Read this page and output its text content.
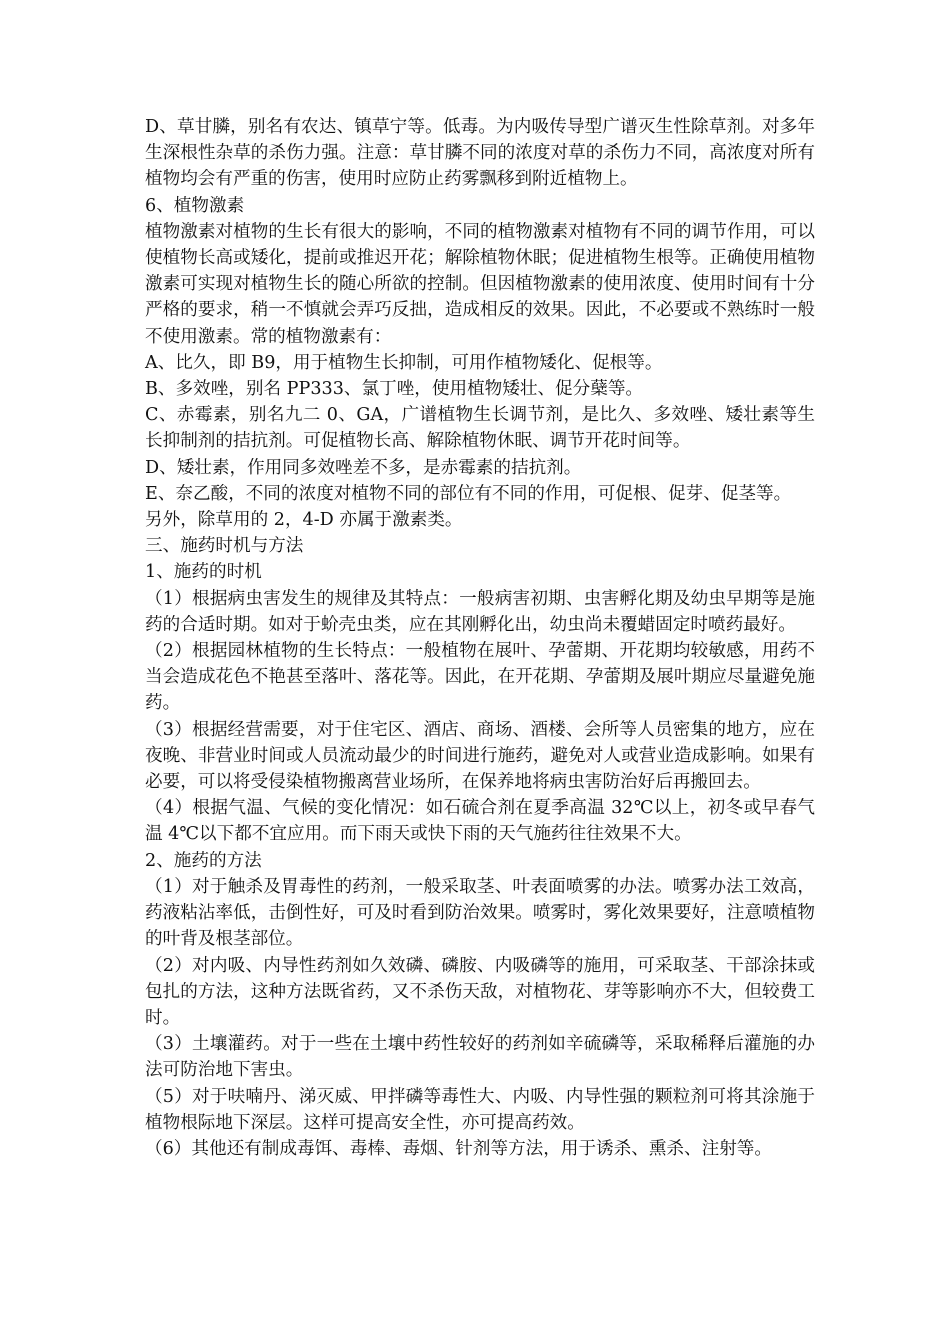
D、草甘膦，别名有农达、镇草宁等。低毒。为内吸传导型广谱灭生性除草剂。对多年生深根性杂草的杀伤力强。注意：草甘膦不同的浓度对草的杀伤力不同，高浓度对所有植物均会有严重的伤害，使用时应防止药雾飘移到附近植物上。

6、植物激素

植物激素对植物的生长有很大的影响，不同的植物激素对植物有不同的调节作用，可以使植物长高或矮化，提前或推迟开花；解除植物休眠；促进植物生根等。正确使用植物激素可实现对植物生长的随心所欲的控制。但因植物激素的使用浓度、使用时间有十分严格的要求，稍一不慎就会弄巧反拙，造成相反的效果。因此，不必要或不熟练时一般不使用激素。常的植物激素有：

A、比久，即 B9，用于植物生长抑制，可用作植物矮化、促根等。

B、多效唑，别名 PP333、氯丁唑，使用植物矮壮、促分蘖等。

C、赤霉素，别名九二 0、GA，广谱植物生长调节剂，是比久、多效唑、矮壮素等生长抑制剂的拮抗剂。可促植物长高、解除植物休眠、调节开花时间等。

D、矮壮素，作用同多效唑差不多，是赤霉素的拮抗剂。

E、奈乙酸，不同的浓度对植物不同的部位有不同的作用，可促根、促芽、促茎等。

另外，除草用的 2，4-D 亦属于激素类。

三、施药时机与方法

1、施药的时机

（1）根据病虫害发生的规律及其特点：一般病害初期、虫害孵化期及幼虫早期等是施药的合适时期。如对于蚧壳虫类，应在其刚孵化出，幼虫尚未覆蜡固定时喷药最好。

（2）根据园林植物的生长特点：一般植物在展叶、孕蕾期、开花期均较敏感，用药不当会造成花色不艳甚至落叶、落花等。因此，在开花期、孕蕾期及展叶期应尽量避免施药。

（3）根据经营需要，对于住宅区、酒店、商场、酒楼、会所等人员密集的地方，应在夜晚、非营业时间或人员流动最少的时间进行施药，避免对人或营业造成影响。如果有必要，可以将受侵染植物搬离营业场所，在保养地将病虫害防治好后再搬回去。

（4）根据气温、气候的变化情况：如石硫合剂在夏季高温 32℃以上，初冬或早春气温 4℃以下都不宜应用。而下雨天或快下雨的天气施药往往效果不大。

2、施药的方法

（1）对于触杀及胃毒性的药剂，一般采取茎、叶表面喷雾的办法。喷雾办法工效高，药液粘沾率低，击倒性好，可及时看到防治效果。喷雾时，雾化效果要好，注意喷植物的叶背及根茎部位。

（2）对内吸、内导性药剂如久效磷、磷胺、内吸磷等的施用，可采取茎、干部涂抹或包扎的方法，这种方法既省药，又不杀伤天敌，对植物花、芽等影响亦不大，但较费工时。

（3）土壤灌药。对于一些在土壤中药性较好的药剂如辛硫磷等，采取稀释后灌施的办法可防治地下害虫。

（5）对于呋喃丹、涕灭威、甲拌磷等毒性大、内吸、内导性强的颗粒剂可将其涂施于植物根际地下深层。这样可提高安全性，亦可提高药效。

（6）其他还有制成毒饵、毒棒、毒烟、针剂等方法，用于诱杀、熏杀、注射等。
